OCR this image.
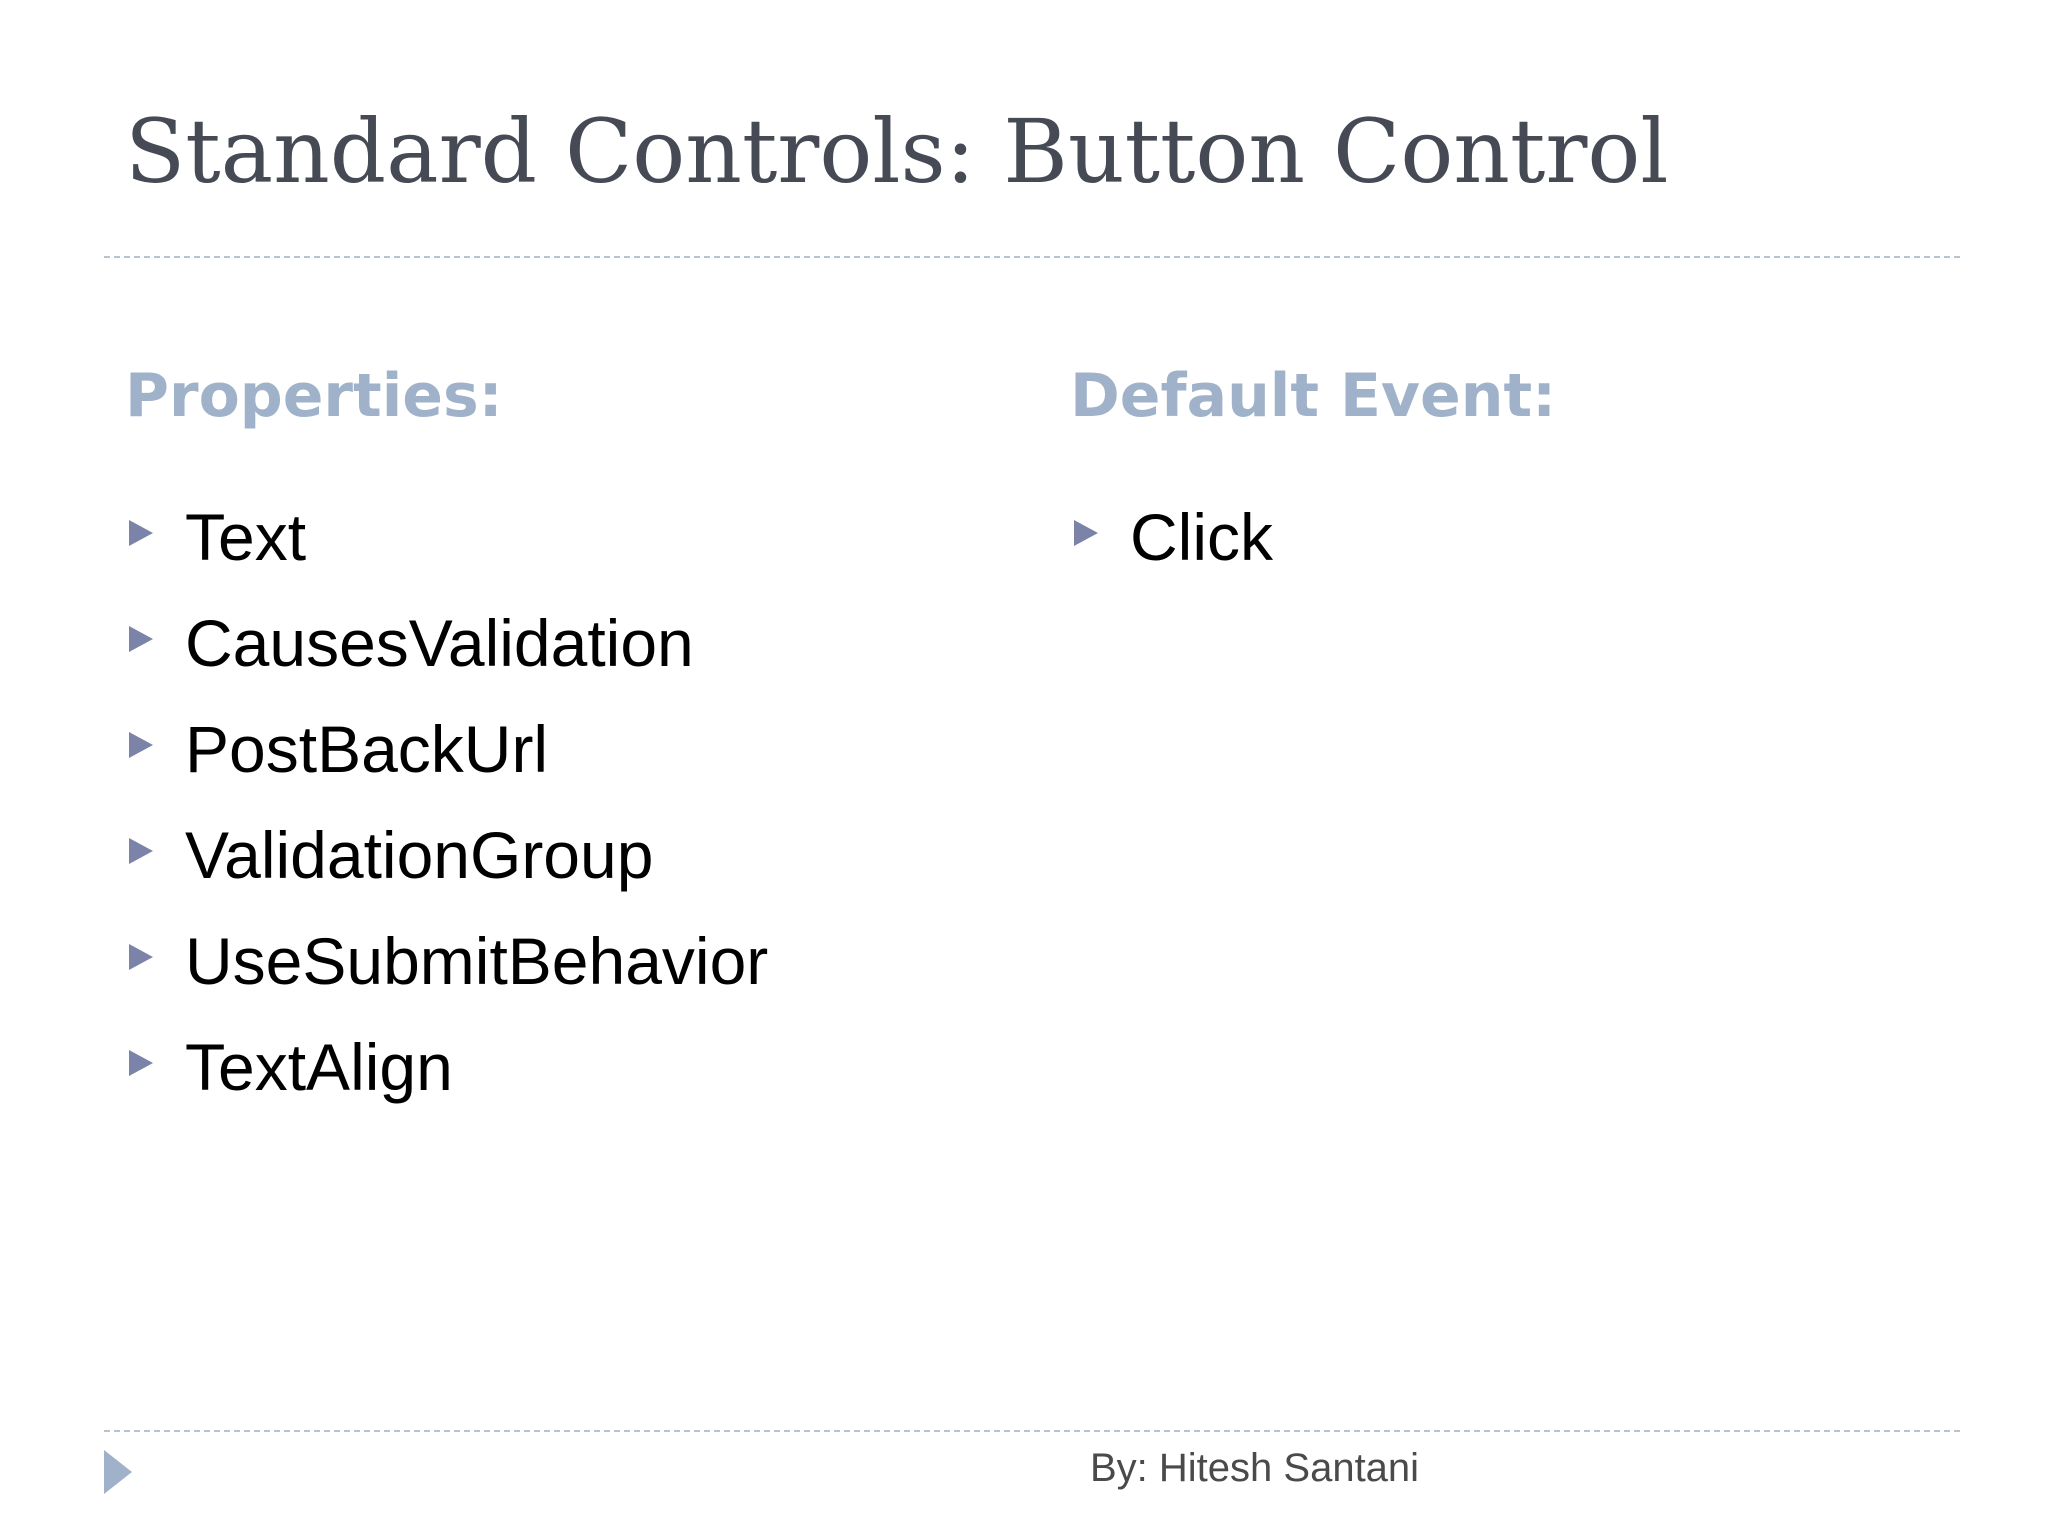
Standard Controls: Button Control
Properties:
Text
CausesValidation
PostBackUrl
ValidationGroup
UseSubmitBehavior
TextAlign
Default Event:
Click
By: Hitesh Santani
